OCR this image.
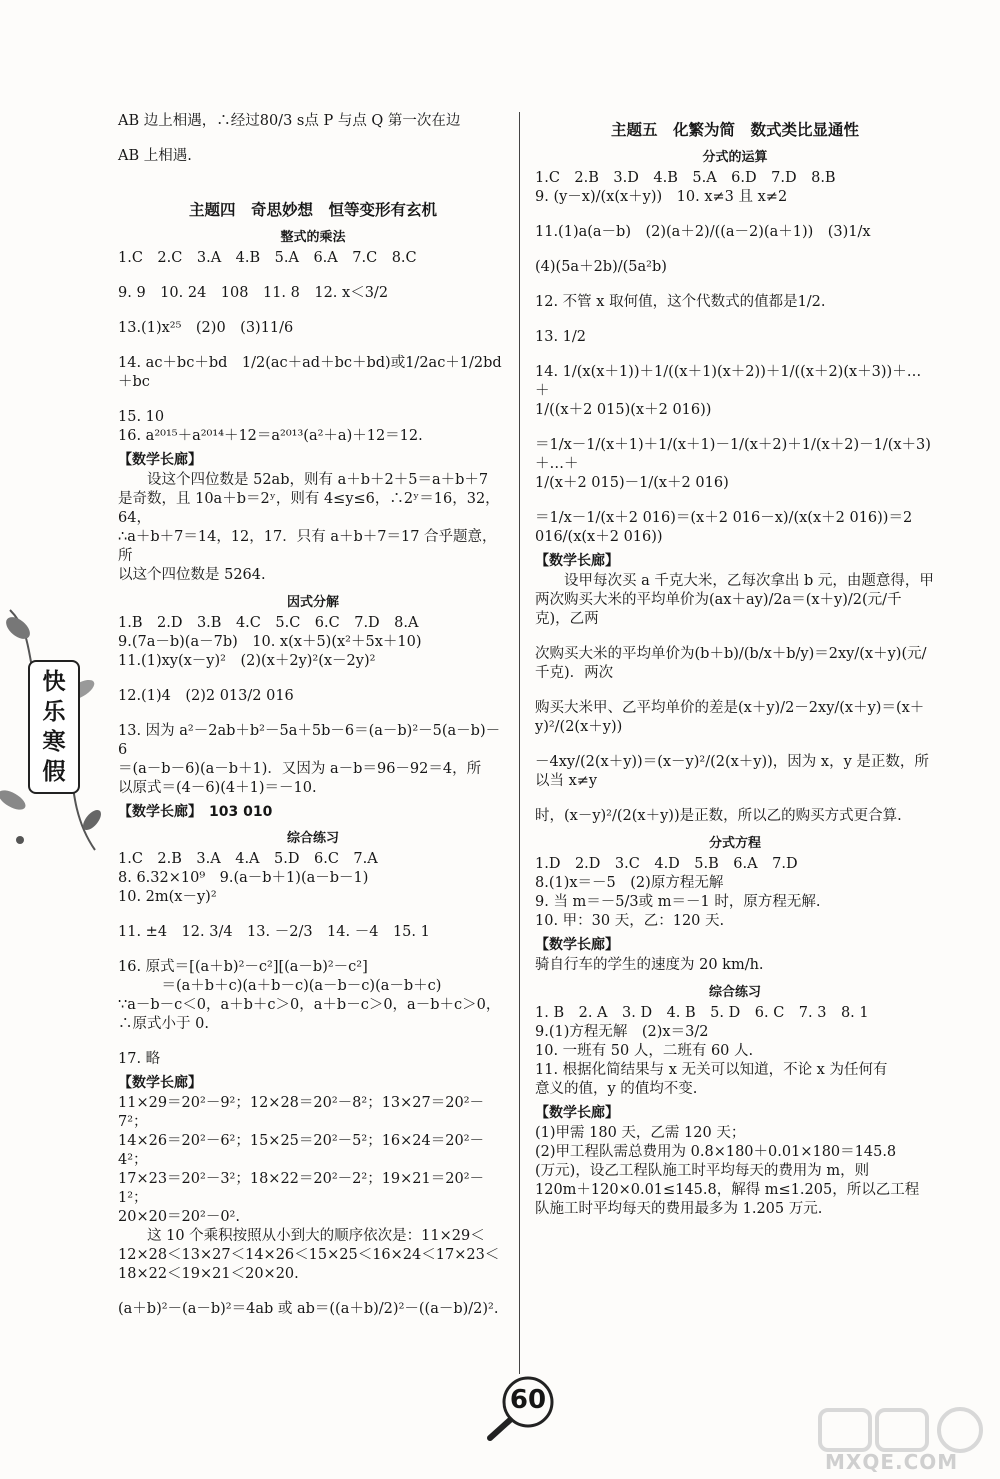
AB 边上相遇，∴经过80/3 s点 P 与点 Q 第一次在边
AB 上相遇.
主题四　奇思妙想　恒等变形有玄机
整式的乘法
1.C　2.C　3.A　4.B　5.A　6.A　7.C　8.C
9. 9　10. 24　108　11. 8　12. x＜3/2
13.(1)x²⁵　(2)0　(3)11/6
14. ac＋bc＋bd　1/2(ac＋ad＋bc＋bd)或1/2ac＋1/2bd＋bc
15. 10
16. a²⁰¹⁵＋a²⁰¹⁴＋12＝a²⁰¹³(a²＋a)＋12＝12.
【数学长廊】
设这个四位数是 52ab，则有 a＋b＋2＋5＝a＋b＋7
是奇数，且 10a＋b＝2ʸ，则有 4≤y≤6，∴2ʸ＝16，32，64，
∴a＋b＋7＝14，12，17．只有 a＋b＋7＝17 合乎题意，所
以这个四位数是 5264.
因式分解
1.B　2.D　3.B　4.C　5.C　6.C　7.D　8.A
9.(7a－b)(a－7b)　10. x(x＋5)(x²＋5x＋10)
11.(1)xy(x－y)²　(2)(x＋2y)²(x－2y)²
12.(1)4　(2)2 013/2 016
13. 因为 a²－2ab＋b²－5a＋5b－6＝(a－b)²－5(a－b)－6
＝(a－b－6)(a－b＋1)．又因为 a－b＝96－92＝4，所
以原式＝(4－6)(4＋1)＝－10.
【数学长廊】　103 010
综合练习
1.C　2.B　3.A　4.A　5.D　6.C　7.A
8. 6.32×10⁹　9.(a－b＋1)(a－b－1)
10. 2m(x－y)²
11. ±4　12. 3/4　13. －2/3　14. －4　15. 1
16. 原式＝[(a＋b)²－c²][(a－b)²－c²]
　＝(a＋b＋c)(a＋b－c)(a－b－c)(a－b＋c)
∵a－b－c＜0，a＋b＋c＞0，a＋b－c＞0，a－b＋c＞0，
∴原式小于 0.
17. 略
【数学长廊】
11×29＝20²－9²；12×28＝20²－8²；13×27＝20²－7²；
14×26＝20²－6²；15×25＝20²－5²；16×24＝20²－4²；
17×23＝20²－3²；18×22＝20²－2²；19×21＝20²－1²；
20×20＝20²－0².
这 10 个乘积按照从小到大的顺序依次是：11×29＜
12×28＜13×27＜14×26＜15×25＜16×24＜17×23＜
18×22＜19×21＜20×20.
(a＋b)²－(a－b)²＝4ab 或 ab＝((a＋b)/2)²－((a－b)/2)².
主题五　化繁为简　数式类比显通性
分式的运算
1.C　2.B　3.D　4.B　5.A　6.D　7.D　8.B
9. (y－x)/(x(x＋y))　10. x≠3 且 x≠2
11.(1)a(a－b)　(2)(a＋2)/((a－2)(a＋1))　(3)1/x
(4)(5a＋2b)/(5a²b)
12. 不管 x 取何值，这个代数式的值都是1/2.
13. 1/2
14. 1/(x(x＋1))＋1/((x＋1)(x＋2))＋1/((x＋2)(x＋3))＋…＋
1/((x＋2 015)(x＋2 016))
＝1/x－1/(x＋1)＋1/(x＋1)－1/(x＋2)＋1/(x＋2)－1/(x＋3)＋…＋
1/(x＋2 015)－1/(x＋2 016)
＝1/x－1/(x＋2 016)＝(x＋2 016－x)/(x(x＋2 016))＝2 016/(x(x＋2 016))
【数学长廊】
设甲每次买 a 千克大米，乙每次拿出 b 元，由题意得，甲
两次购买大米的平均单价为(ax＋ay)/2a＝(x＋y)/2(元/千克)，乙两
次购买大米的平均单价为(b＋b)/(b/x＋b/y)＝2xy/(x＋y)(元/千克)．两次
购买大米甲、乙平均单价的差是(x＋y)/2－2xy/(x＋y)＝(x＋y)²/(2(x＋y))
－4xy/(2(x＋y))＝(x－y)²/(2(x＋y))，因为 x，y 是正数，所以当 x≠y
时，(x－y)²/(2(x＋y))是正数，所以乙的购买方式更合算.
分式方程
1.D　2.D　3.C　4.D　5.B　6.A　7.D
8.(1)x＝－5　(2)原方程无解
9. 当 m＝－5/3或 m＝－1 时，原方程无解.
10. 甲：30 天，乙：120 天.
【数学长廊】
骑自行车的学生的速度为 20 km/h.
综合练习
1. B　2. A　3. D　4. B　5. D　6. C　7. 3　8. 1
9.(1)方程无解　(2)x＝3/2
10. 一班有 50 人，二班有 60 人.
11. 根据化简结果与 x 无关可以知道，不论 x 为任何有
意义的值，y 的值均不变.
【数学长廊】
(1)甲需 180 天，乙需 120 天；
(2)甲工程队需总费用为 0.8×180＋0.01×180＝145.8
(万元)，设乙工程队施工时平均每天的费用为 m，则
120m＋120×0.01≤145.8，解得 m≤1.205，所以乙工程
队施工时平均每天的费用最多为 1.205 万元.
快
乐
寒
假
60
MXQE.COM
